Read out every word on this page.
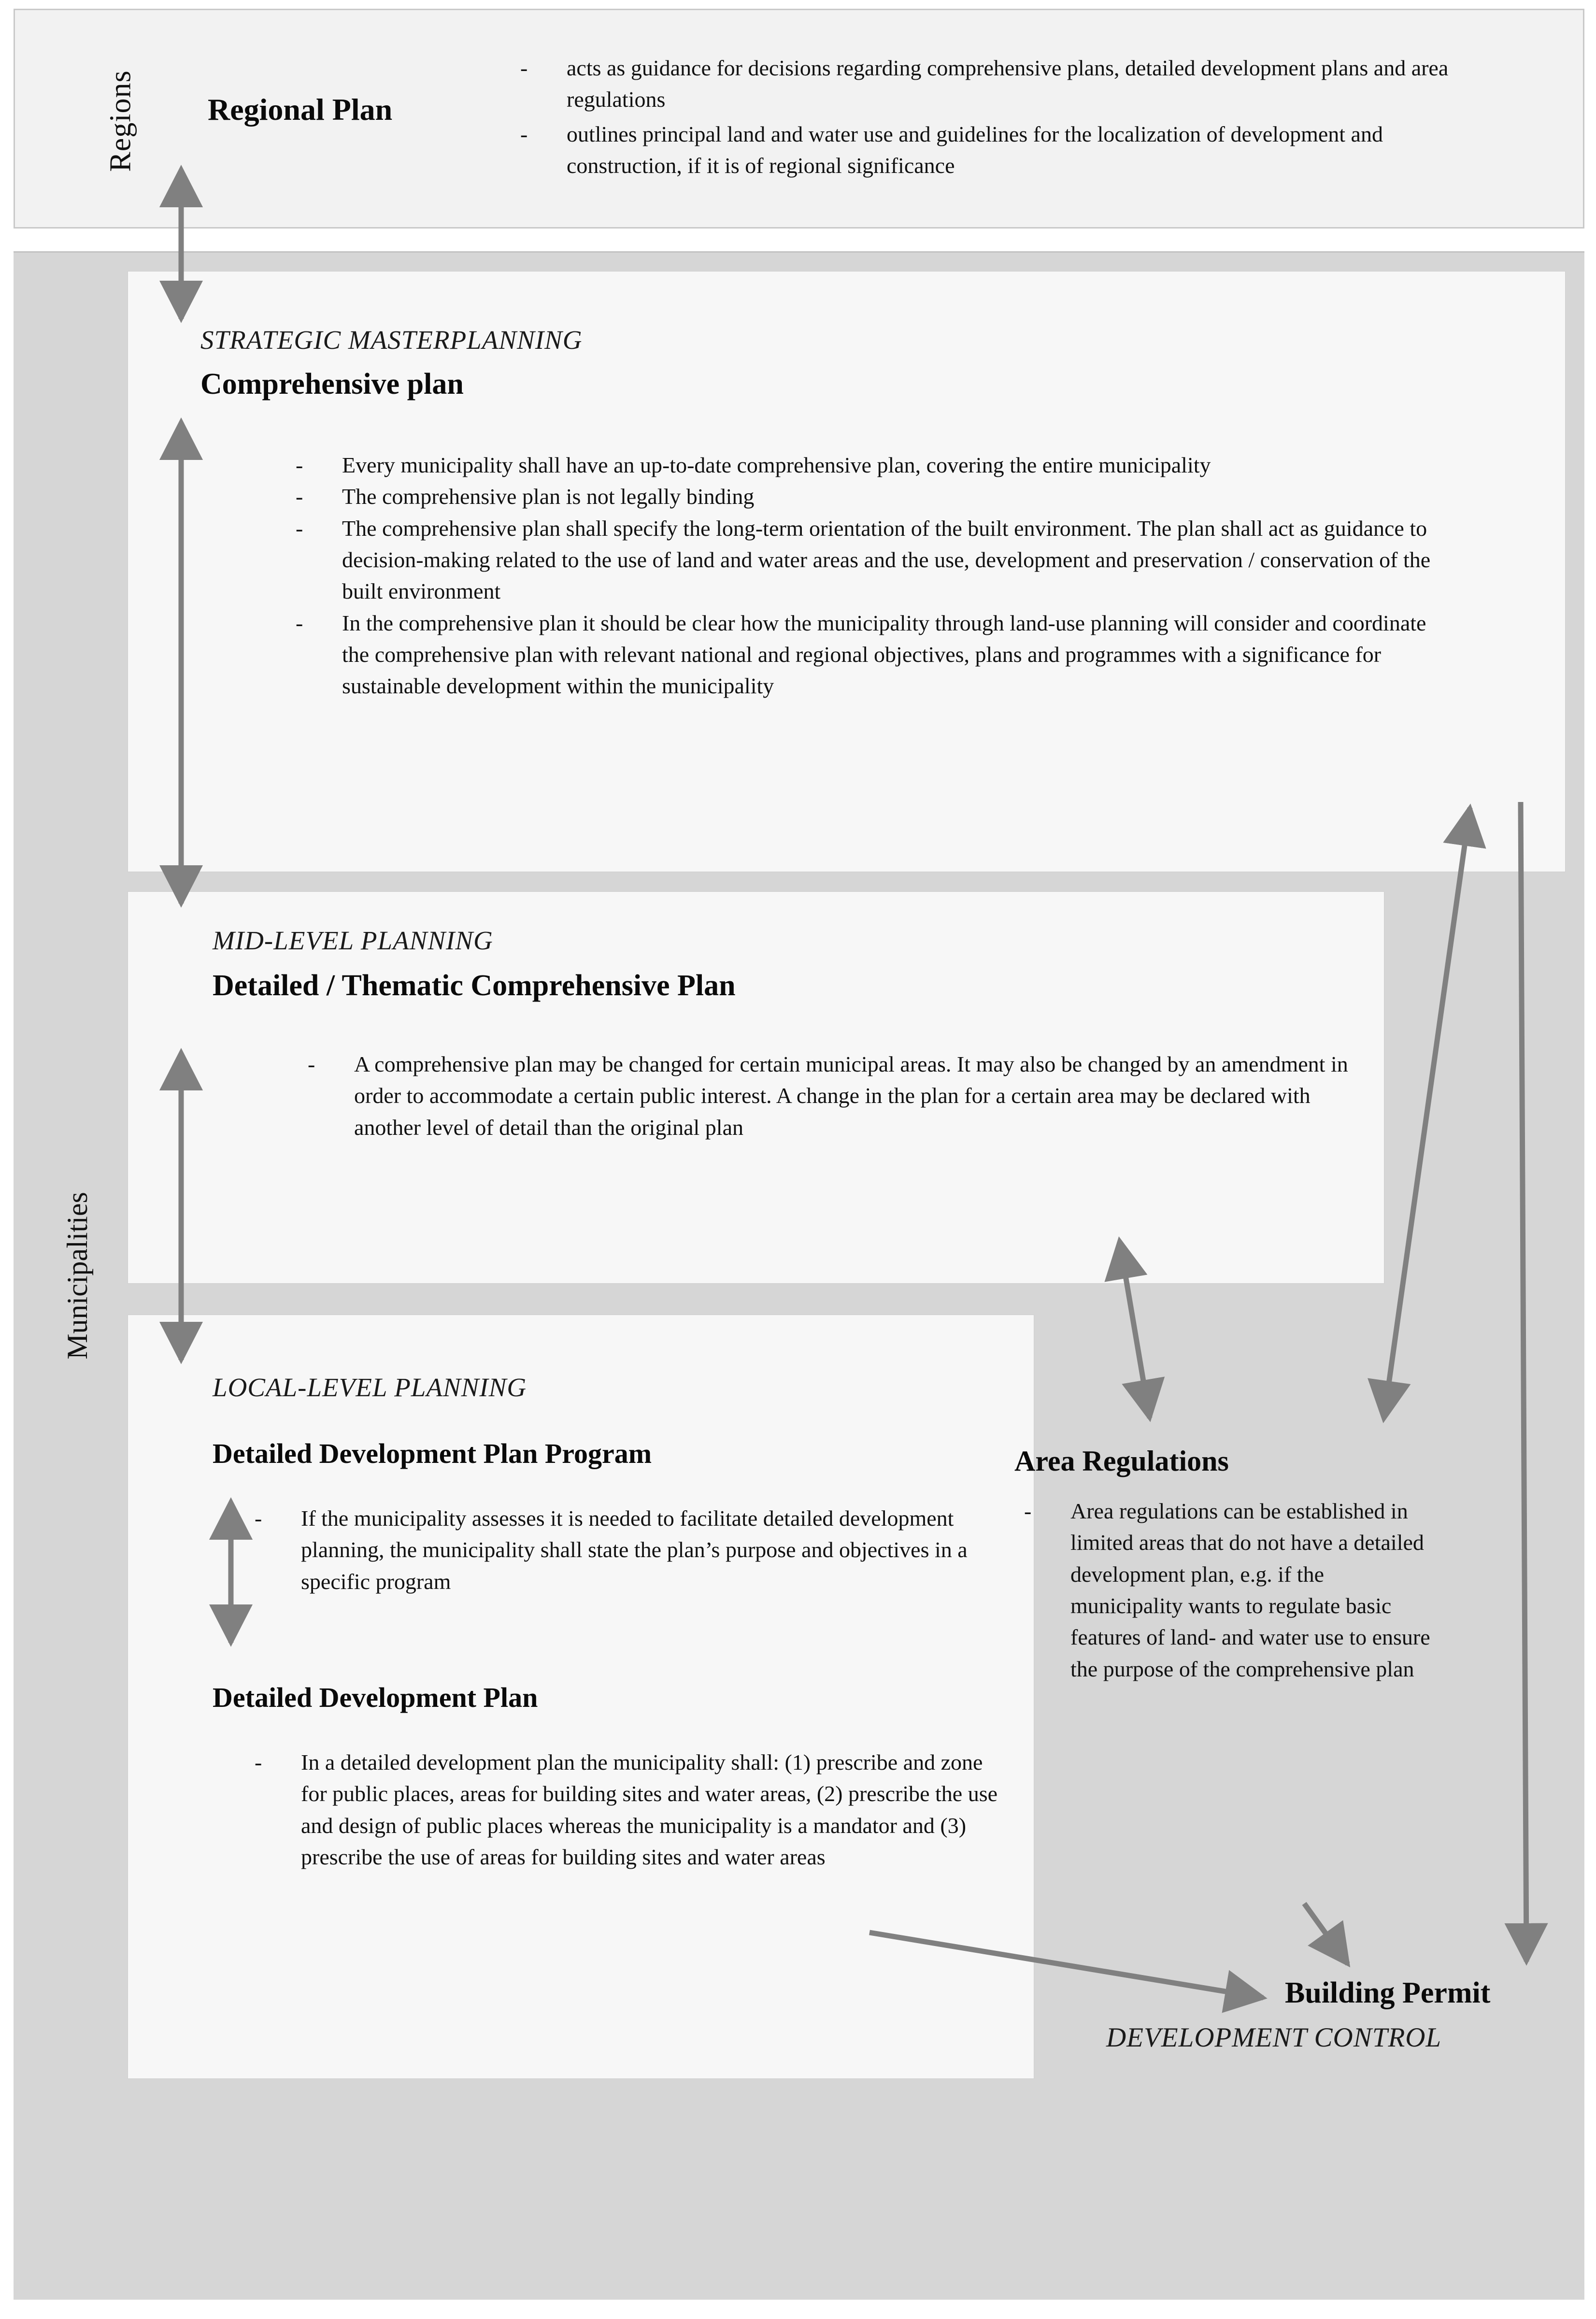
Regions Regional Plan
- acts as guidance for decisions regarding comprehensive plans, detailed development plans and area regulations
- outlines principal land and water use and guidelines for the localization of development and construction, if it is of regional significance
Municipalities
STRATEGIC MASTERPLANNING
Comprehensive plan
- Every municipality shall have an up-to-date comprehensive plan, covering the entire municipality
- The comprehensive plan is not legally binding
- The comprehensive plan shall specify the long-term orientation of the built environment. The plan shall act as guidance to decision-making related to the use of land and water areas and the use, development and preservation / conservation of the built environment
- In the comprehensive plan it should be clear how the municipality through land-use planning will consider and coordinate the comprehensive plan with relevant national and regional objectives, plans and programmes with a significance for sustainable development within the municipality
MID-LEVEL PLANNING
Detailed / Thematic Comprehensive Plan
- A comprehensive plan may be changed for certain municipal areas. It may also be changed by an amendment in order to accommodate a certain public interest. A change in the plan for a certain area may be declared with another level of detail than the original plan
LOCAL-LEVEL PLANNING
Detailed Development Plan Program
- If the municipality assesses it is needed to facilitate detailed development planning, the municipality shall state the plan’s purpose and objectives in a specific program
Detailed Development Plan
- In a detailed development plan the municipality shall: (1) prescribe and zone for public places, areas for building sites and water areas, (2) prescribe the use and design of public places whereas the municipality is a mandator and (3) prescribe the use of areas for building sites and water areas
Area Regulations
- Area regulations can be established in limited areas that do not have a detailed development plan, e.g. if the municipality wants to regulate basic features of land- and water use to ensure the purpose of the comprehensive plan
Building Permit
DEVELOPMENT CONTROL
